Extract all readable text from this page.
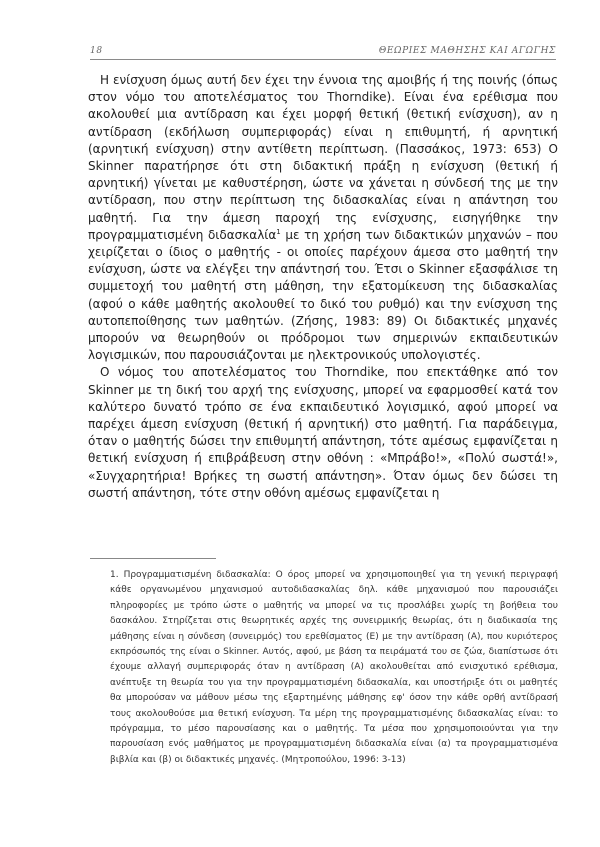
18	ΘΕΩΡΙΕΣ ΜΑΘΗΣΗΣ ΚΑΙ ΑΓΩΓΗΣ

Η ενίσχυση όμως αυτή δεν έχει την έννοια της αμοιβής ή της ποινής (όπως στον νόμο του αποτελέσματος του Thorndike). Είναι ένα ερέθισμα που ακολουθεί μια αντίδραση και έχει μορφή θετική (θετική ενίσχυση), αν η αντίδραση (εκδήλωση συμπεριφοράς) είναι η επιθυμητή, ή αρνητική (αρνητική ενίσχυση) στην αντίθετη περίπτωση. (Πασσάκος, 1973: 653) Ο Skinner παρατήρησε ότι στη διδακτική πράξη η ενίσχυση (θετική ή αρνητική) γίνεται με καθυστέρηση, ώστε να χάνεται η σύνδεσή της με την αντίδραση, που στην περίπτωση της διδασκαλίας είναι η απάντηση του μαθητή. Για την άμεση παροχή της ενίσχυσης, εισηγήθηκε την προγραμματισμένη διδασκαλία$^1$ με τη χρήση των διδακτικών μηχανών – που χειρίζεται ο ίδιος ο μαθητής - οι οποίες παρέχουν άμεσα στο μαθητή την ενίσχυση, ώστε να ελέγξει την απάντησή του. Έτσι ο Skinner εξασφάλισε τη συμμετοχή του μαθητή στη μάθηση, την εξατομίκευση της διδασκαλίας (αφού ο κάθε μαθητής ακολουθεί το δικό του ρυθμό) και την ενίσχυση της αυτοπεποίθησης των μαθητών. (Ζήσης, 1983: 89) Οι διδακτικές μηχανές μπορούν να θεωρηθούν οι πρόδρομοι των σημερινών εκπαιδευτικών λογισμικών, που παρουσιάζονται με ηλεκτρονικούς υπολογιστές.

Ο νόμος του αποτελέσματος του Thorndike, που επεκτάθηκε από τον Skinner με τη δική του αρχή της ενίσχυσης, μπορεί να εφαρμοσθεί κατά τον καλύτερο δυνατό τρόπο σε ένα εκπαιδευτικό λογισμικό, αφού μπορεί να παρέχει άμεση ενίσχυση (θετική ή αρνητική) στο μαθητή. Για παράδειγμα, όταν ο μαθητής δώσει την επιθυμητή απάντηση, τότε αμέσως εμφανίζεται η θετική ενίσχυση ή επιβράβευση στην οθόνη : «Μπράβο!», «Πολύ σωστά!», «Συγχαρητήρια! Βρήκες τη σωστή απάντηση». Όταν όμως δεν δώσει τη σωστή απάντηση, τότε στην οθόνη αμέσως εμφανίζεται η

1. Προγραμματισμένη διδασκαλία: Ο όρος μπορεί να χρησιμοποιηθεί για τη γενική περιγραφή κάθε οργανωμένου μηχανισμού αυτοδιδασκαλίας δηλ. κάθε μηχανισμού που παρουσιάζει πληροφορίες με τρόπο ώστε ο μαθητής να μπορεί να τις προσλάβει χωρίς τη βοήθεια του δασκάλου. Στηρίζεται στις θεωρητικές αρχές της συνειρμικής θεωρίας, ότι η διαδικασία της μάθησης είναι η σύνδεση (συνειρμός) του ερεθίσματος (Ε) με την αντίδραση (Α), που κυριότερος εκπρόσωπός της είναι ο Skinner. Αυτός, αφού, με βάση τα πειράματά του σε ζώα, διαπίστωσε ότι έχουμε αλλαγή συμπεριφοράς όταν η αντίδραση (Α) ακολουθείται από ενισχυτικό ερέθισμα, ανέπτυξε τη θεωρία του για την προγραμματισμένη διδασκαλία, και υποστήριξε ότι οι μαθητές θα μπορούσαν να μάθουν μέσω της εξαρτημένης μάθησης εφ' όσον την κάθε ορθή αντίδρασή τους ακολουθούσε μια θετική ενίσχυση. Τα μέρη της προγραμματισμένης διδασκαλίας είναι: το πρόγραμμα, το μέσο παρουσίασης και ο μαθητής. Τα μέσα που χρησιμοποιούνται για την παρουσίαση ενός μαθήματος με προγραμματισμένη διδασκαλία είναι (α) τα προγραμματισμένα βιβλία και (β) οι διδακτικές μηχανές. (Μητροπούλου, 1996: 3-13)
